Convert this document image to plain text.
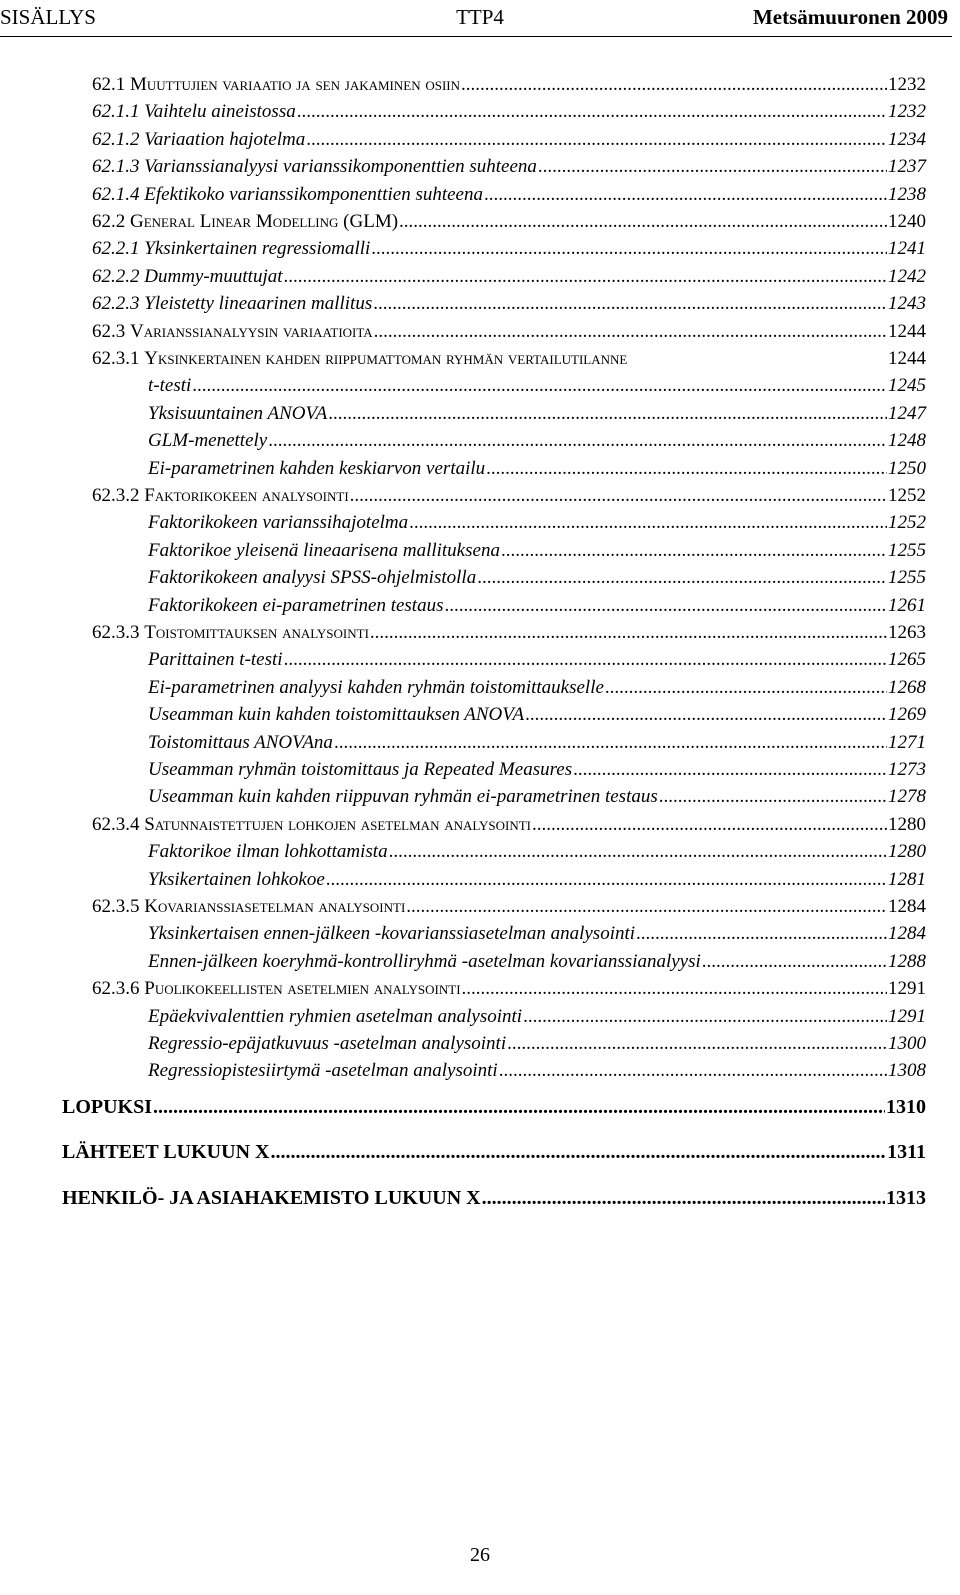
SISÄLLYS	TTP4	Metsämuuronen 2009
62.1 Muuttujien variaatio ja sen jakaminen osiin .....	1232
62.1.1 Vaihtelu aineistossa .....	1232
62.1.2 Variaation hajotelma .....	1234
62.1.3 Varianssianalyysi varianssikomponenttien suhteena .....	1237
62.1.4 Efektikoko varianssikomponenttien suhteena .....	1238
62.2 General Linear Modelling (GLM) .....	1240
62.2.1 Yksinkertainen regressiomalli .....	1241
62.2.2 Dummy-muuttujat .....	1242
62.2.3 Yleistetty lineaarinen mallitus .....	1243
62.3 Varianssianalyysin variaatioita .....	1244
62.3.1 Yksinkertainen kahden riippumattoman ryhmän vertailutilanne	1244
t-testi .....	1245
Yksisuuntainen ANOVA .....	1247
GLM-menettely .....	1248
Ei-parametrinen kahden keskiarvon vertailu .....	1250
62.3.2 Faktorikokeen analysointi .....	1252
Faktorikokeen varianssihajotelma .....	1252
Faktorikoe yleisenä lineaarisena mallituksena .....	1255
Faktorikokeen analyysi SPSS-ohjelmistolla .....	1255
Faktorikokeen ei-parametrinen testaus .....	1261
62.3.3 Toistomittauksen analysointi .....	1263
Parittainen t-testi .....	1265
Ei-parametrinen analyysi kahden ryhmän toistomittaukselle .....	1268
Useamman kuin kahden toistomittauksen ANOVA .....	1269
Toistomittaus ANOVAna .....	1271
Useamman ryhmän toistomittaus ja Repeated Measures .....	1273
Useamman kuin kahden riippuvan ryhmän ei-parametrinen testaus .....	1278
62.3.4 Satunnaistettujen lohkojen asetelman analysointi .....	1280
Faktorikoe ilman lohkottamista .....	1280
Yksikertainen lohkokoe .....	1281
62.3.5 Kovarianssiasetelman analysointi .....	1284
Yksinkertaisen ennen-jälkeen -kovarianssiasetelman analysointi .....	1284
Ennen-jälkeen koeryhmä-kontrolliryhmä -asetelman kovarianssianalyysi .....	1288
62.3.6 Puolikokeellisten asetelmien analysointi .....	1291
Epäekvivalenttien ryhmien asetelman analysointi .....	1291
Regressio-epäjatkuvuus -asetelman analysointi .....	1300
Regressiopistesiirtymä -asetelman analysointi .....	1308
LOPUKSI .....	1310
LÄHTEET LUKUUN X .....	1311
HENKILÖ- JA ASIAHAKEMISTO LUKUUN X .....	1313
26
